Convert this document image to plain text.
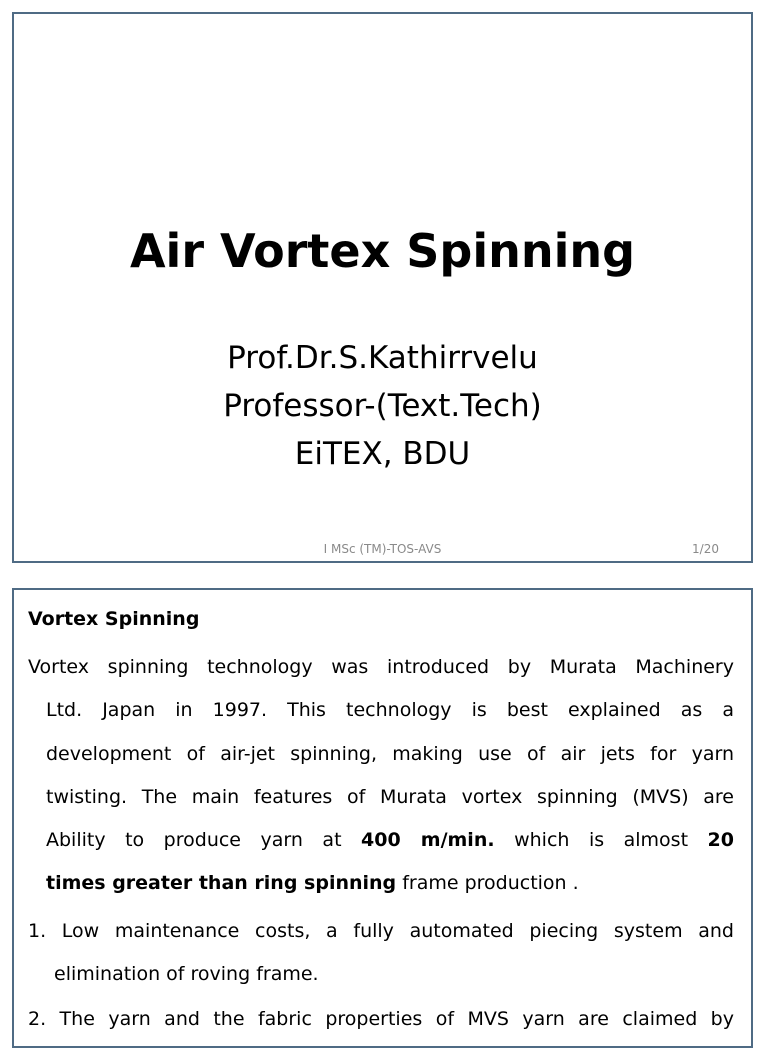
Air Vortex Spinning
Prof.Dr.S.Kathirrvelu
Professor-(Text.Tech)
EiTEX, BDU
I MSc (TM)-TOS-AVS	1/20
Vortex Spinning
Vortex spinning technology was introduced by Murata Machinery
Ltd. Japan in 1997. This technology is best explained as a
development of air-jet spinning, making use of air jets for yarn
twisting. The main features of Murata vortex spinning (MVS) are
Ability to produce yarn at 400 m/min. which is almost 20
times greater than ring spinning frame production .
1. Low maintenance costs, a fully automated piecing system and
elimination of roving frame.
2. The yarn and the fabric properties of MVS yarn are claimed by
